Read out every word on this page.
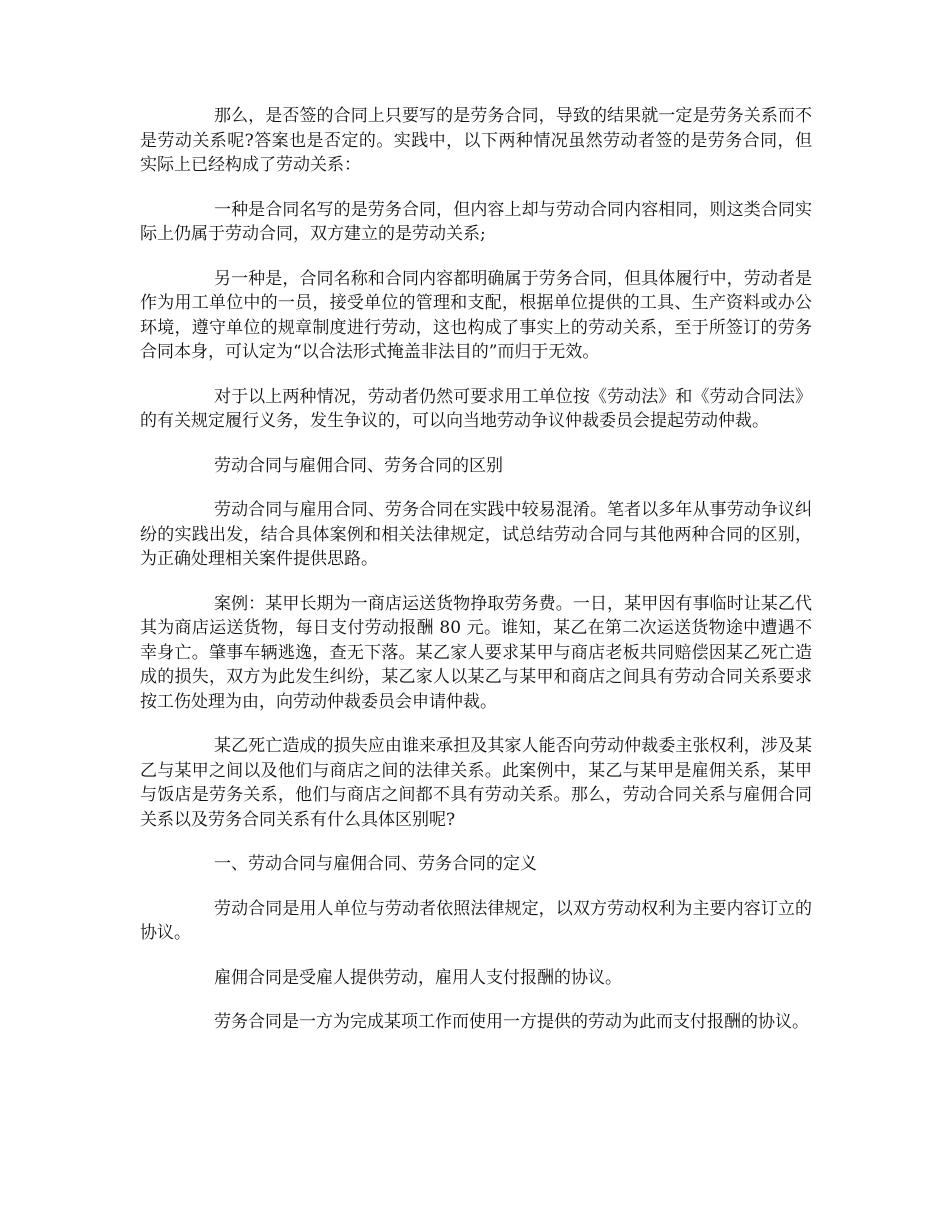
那么，是否签的合同上只要写的是劳务合同，导致的结果就一定是劳务关系而不是劳动关系呢?答案也是否定的。实践中，以下两种情况虽然劳动者签的是劳务合同，但实际上已经构成了劳动关系：

一种是合同名写的是劳务合同，但内容上却与劳动合同内容相同，则这类合同实际上仍属于劳动合同，双方建立的是劳动关系;

另一种是，合同名称和合同内容都明确属于劳务合同，但具体履行中，劳动者是作为用工单位中的一员，接受单位的管理和支配，根据单位提供的工具、生产资料或办公环境，遵守单位的规章制度进行劳动，这也构成了事实上的劳动关系，至于所签订的劳务合同本身，可认定为“以合法形式掩盖非法目的”而归于无效。

对于以上两种情况，劳动者仍然可要求用工单位按《劳动法》和《劳动合同法》的有关规定履行义务，发生争议的，可以向当地劳动争议仲裁委员会提起劳动仲裁。

劳动合同与雇佣合同、劳务合同的区别

劳动合同与雇用合同、劳务合同在实践中较易混淆。笔者以多年从事劳动争议纠纷的实践出发，结合具体案例和相关法律规定，试总结劳动合同与其他两种合同的区别，为正确处理相关案件提供思路。

案例：某甲长期为一商店运送货物挣取劳务费。一日，某甲因有事临时让某乙代其为商店运送货物，每日支付劳动报酬 80 元。谁知，某乙在第二次运送货物途中遭遇不幸身亡。肇事车辆逃逸，查无下落。某乙家人要求某甲与商店老板共同赔偿因某乙死亡造成的损失，双方为此发生纠纷，某乙家人以某乙与某甲和商店之间具有劳动合同关系要求按工伤处理为由，向劳动仲裁委员会申请仲裁。

某乙死亡造成的损失应由谁来承担及其家人能否向劳动仲裁委主张权利，涉及某乙与某甲之间以及他们与商店之间的法律关系。此案例中，某乙与某甲是雇佣关系，某甲与饭店是劳务关系，他们与商店之间都不具有劳动关系。那么，劳动合同关系与雇佣合同关系以及劳务合同关系有什么具体区别呢?

一、劳动合同与雇佣合同、劳务合同的定义

劳动合同是用人单位与劳动者依照法律规定，以双方劳动权利为主要内容订立的协议。

雇佣合同是受雇人提供劳动，雇用人支付报酬的协议。

劳务合同是一方为完成某项工作而使用一方提供的劳动为此而支付报酬的协议。
